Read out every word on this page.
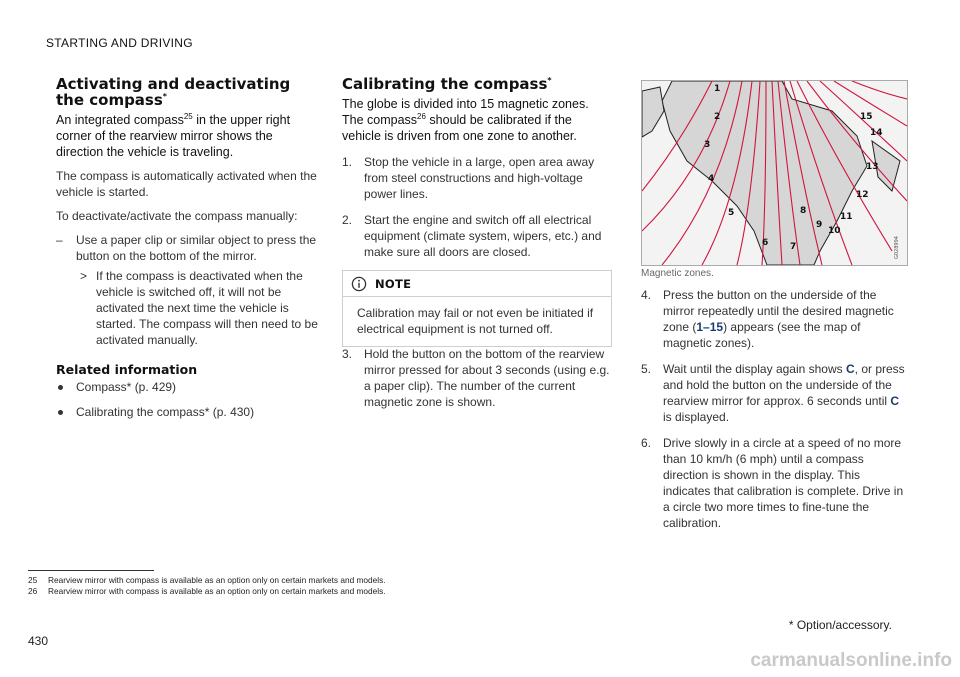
STARTING AND DRIVING
Activating and deactivating the compass*
An integrated compass$^{25}$ in the upper right corner of the rearview mirror shows the direction the vehicle is traveling.
The compass is automatically activated when the vehicle is started.
To deactivate/activate the compass manually:
– Use a paper clip or similar object to press the button on the bottom of the mirror.
> If the compass is deactivated when the vehicle is switched off, it will not be activated the next time the vehicle is started. The compass will then need to be activated manually.
Related information
Compass* (p. 429)
Calibrating the compass* (p. 430)
Calibrating the compass*
The globe is divided into 15 magnetic zones. The compass$^{26}$ should be calibrated if the vehicle is driven from one zone to another.
1. Stop the vehicle in a large, open area away from steel constructions and high-voltage power lines.
2. Start the engine and switch off all electrical equipment (climate system, wipers, etc.) and make sure all doors are closed.
NOTE
Calibration may fail or not even be initiated if electrical equipment is not turned off.
3. Hold the button on the bottom of the rearview mirror pressed for about 3 seconds (using e.g. a paper clip). The number of the current magnetic zone is shown.
1
2
3
4
5
6 7
8
9
10
11
12
13
14
15
G028994
Magnetic zones.
4. Press the button on the underside of the mirror repeatedly until the desired magnetic zone (1–15) appears (see the map of magnetic zones).
5. Wait until the display again shows C, or press and hold the button on the underside of the rearview mirror for approx. 6 seconds until C is displayed.
6. Drive slowly in a circle at a speed of no more than 10 km/h (6 mph) until a compass direction is shown in the display. This indicates that calibration is complete. Drive in a circle two more times to fine-tune the calibration.
25 Rearview mirror with compass is available as an option only on certain markets and models.
26 Rearview mirror with compass is available as an option only on certain markets and models.
430
* Option/accessory.
carmanualsonline.info
